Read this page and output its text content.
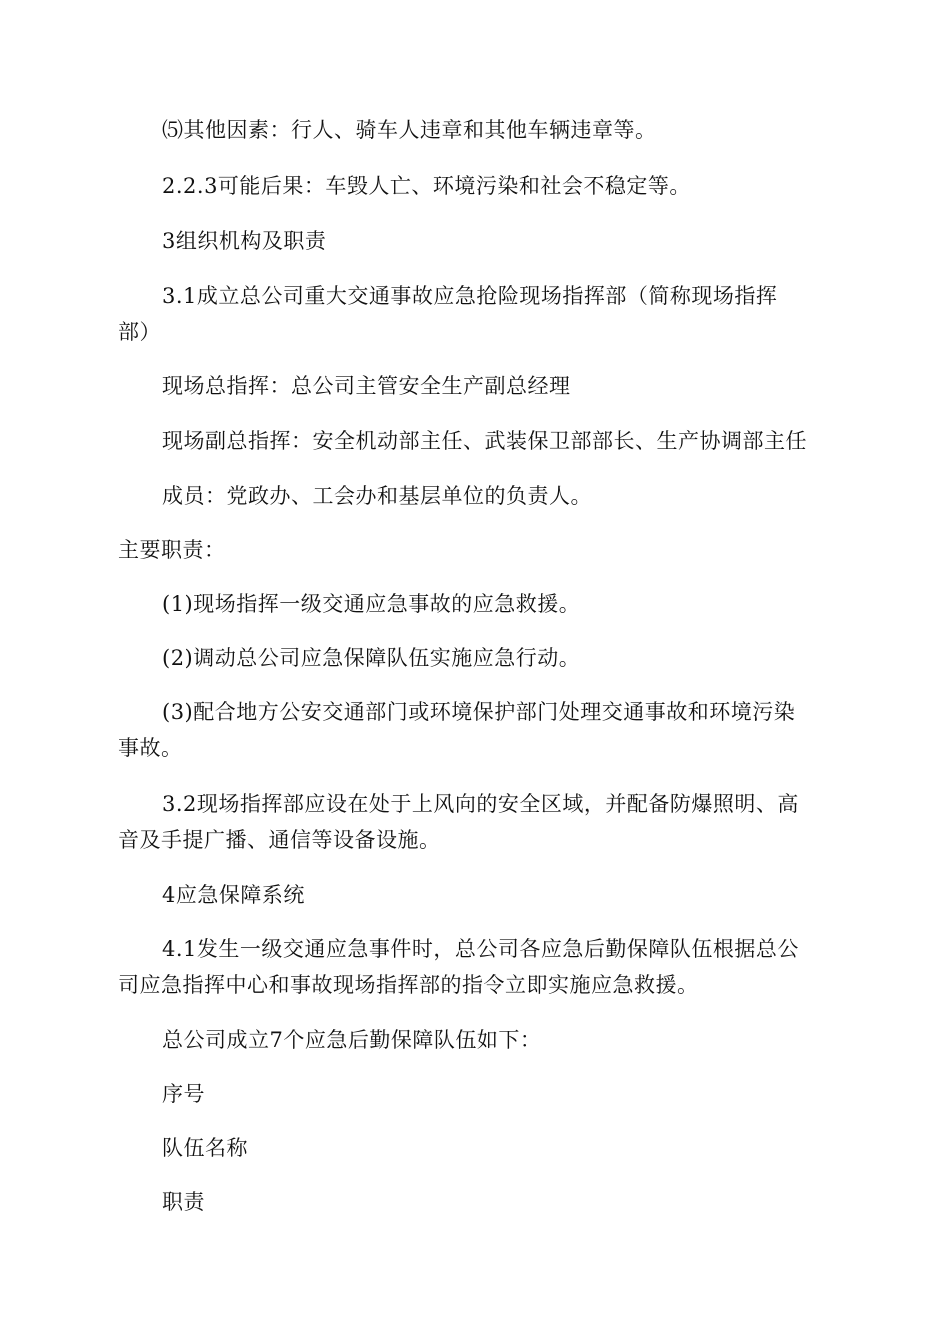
⑸其他因素：行人、骑车人违章和其他车辆违章等。
2.2.3可能后果：车毁人亡、环境污染和社会不稳定等。
3组织机构及职责
3.1成立总公司重大交通事故应急抢险现场指挥部（简称现场指挥
部）
现场总指挥：总公司主管安全生产副总经理
现场副总指挥：安全机动部主任、武装保卫部部长、生产协调部主任
成员：党政办、工会办和基层单位的负责人。
主要职责：
(1)现场指挥一级交通应急事故的应急救援。
(2)调动总公司应急保障队伍实施应急行动。
(3)配合地方公安交通部门或环境保护部门处理交通事故和环境污染
事故。
3.2现场指挥部应设在处于上风向的安全区域，并配备防爆照明、高
音及手提广播、通信等设备设施。
4应急保障系统
4.1发生一级交通应急事件时，总公司各应急后勤保障队伍根据总公
司应急指挥中心和事故现场指挥部的指令立即实施应急救援。
总公司成立7个应急后勤保障队伍如下：
序号
队伍名称
职责
